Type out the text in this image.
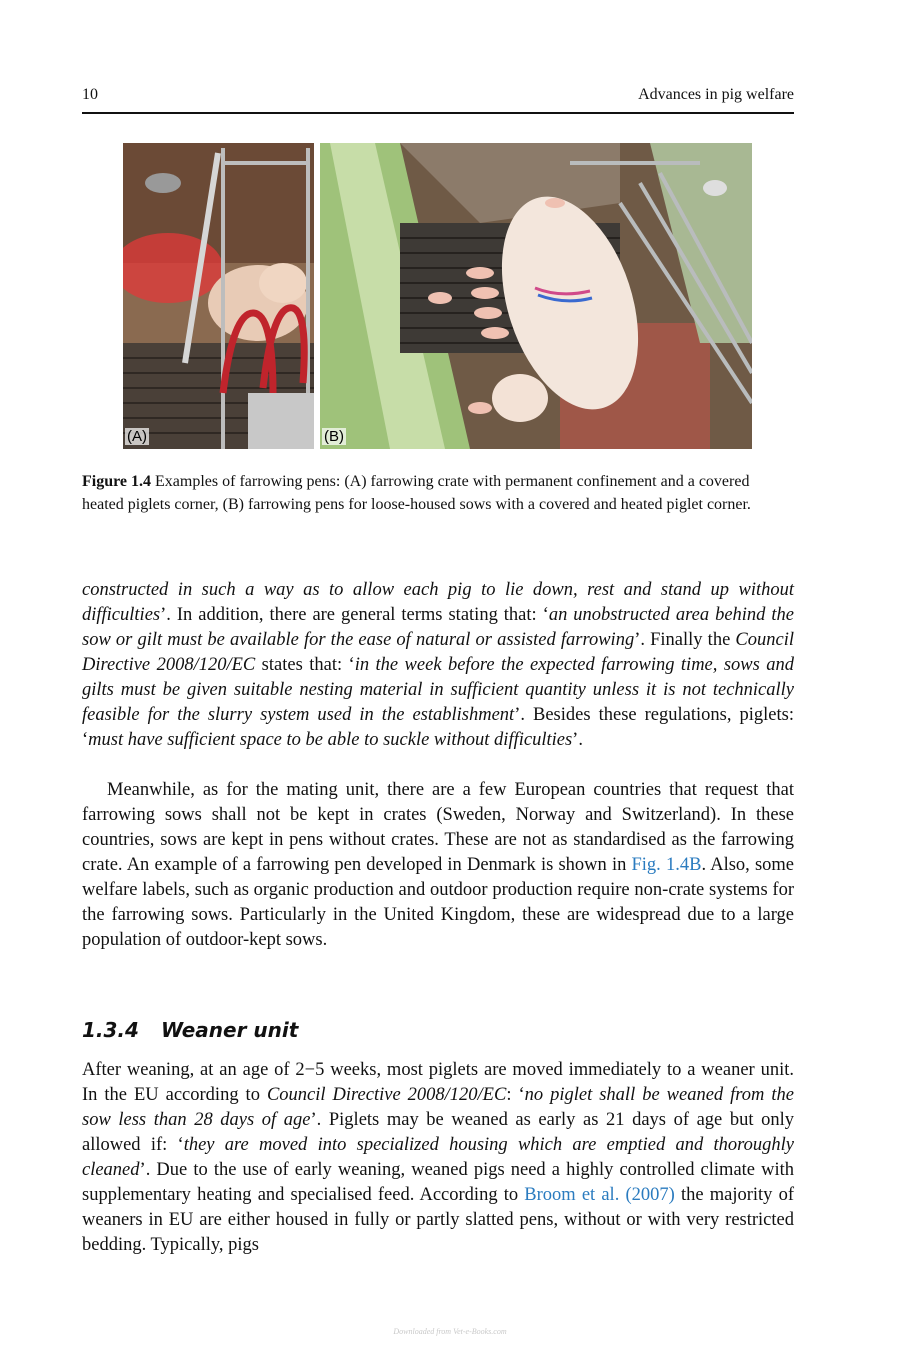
10	Advances in pig welfare
(A)	(B)
Figure 1.4 Examples of farrowing pens: (A) farrowing crate with permanent confinement and a covered heated piglets corner, (B) farrowing pens for loose-housed sows with a covered and heated piglet corner.

constructed in such a way as to allow each pig to lie down, rest and stand up without difficulties’. In addition, there are general terms stating that: ‘an unobstructed area behind the sow or gilt must be available for the ease of natural or assisted farrowing’. Finally the Council Directive 2008/120/EC states that: ‘in the week before the expected farrowing time, sows and gilts must be given suitable nesting material in sufficient quantity unless it is not technically feasible for the slurry system used in the establishment’. Besides these regulations, piglets: ‘must have sufficient space to be able to suckle without difficulties’.

Meanwhile, as for the mating unit, there are a few European countries that request that farrowing sows shall not be kept in crates (Sweden, Norway and Switzerland). In these countries, sows are kept in pens without crates. These are not as standardised as the farrowing crate. An example of a farrowing pen developed in Denmark is shown in Fig. 1.4B. Also, some welfare labels, such as organic production and outdoor production require non-crate systems for the farrowing sows. Particularly in the United Kingdom, these are widespread due to a large population of outdoor-kept sows.

1.3.4 Weaner unit

After weaning, at an age of 2−5 weeks, most piglets are moved immediately to a weaner unit. In the EU according to Council Directive 2008/120/EC: ‘no piglet shall be weaned from the sow less than 28 days of age’. Piglets may be weaned as early as 21 days of age but only allowed if: ‘they are moved into specialized housing which are emptied and thoroughly cleaned’. Due to the use of early weaning, weaned pigs need a highly controlled climate with supplementary heating and specialised feed. According to Broom et al. (2007) the majority of weaners in EU are either housed in fully or partly slatted pens, without or with very restricted bedding. Typically, pigs

Downloaded from Vet-e-Books.com
